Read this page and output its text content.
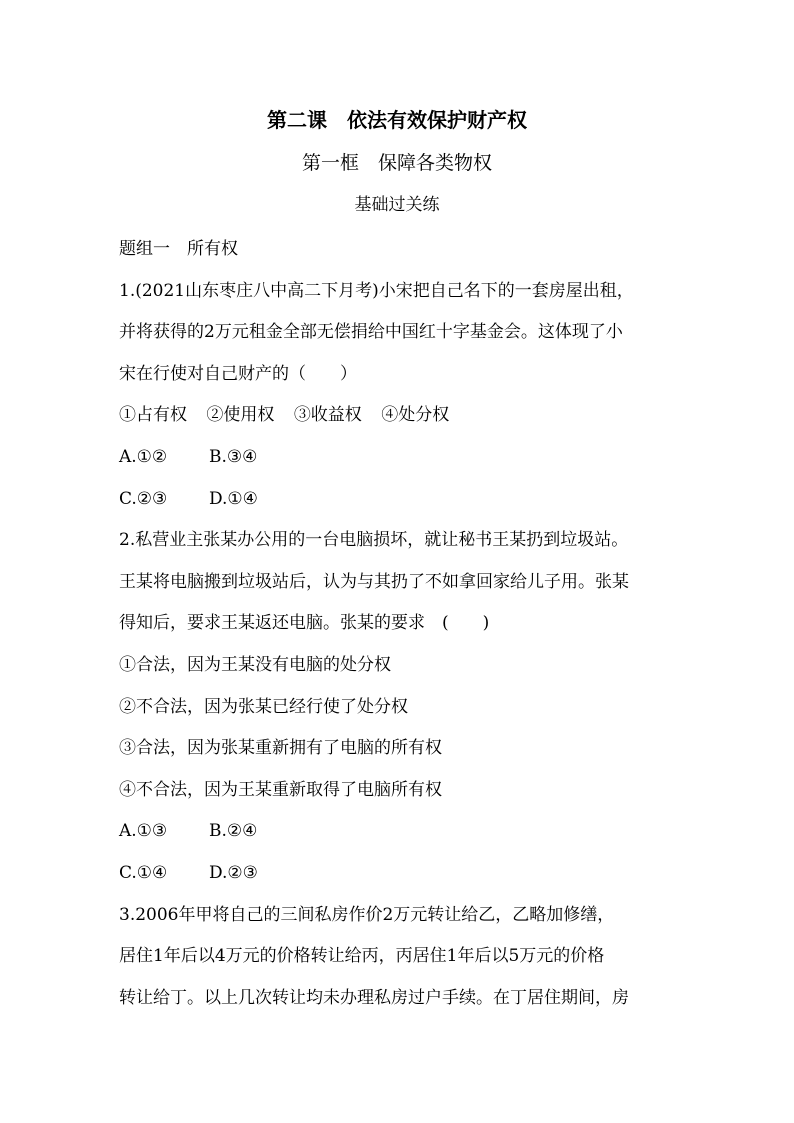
第二课　依法有效保护财产权
第一框　保障各类物权
基础过关练
题组一　所有权
1.(2021山东枣庄八中高二下月考)小宋把自己名下的一套房屋出租，
并将获得的2万元租金全部无偿捐给中国红十字基金会。这体现了小
宋在行使对自己财产的（　　）
①占有权 ②使用权 ③收益权 ④处分权
A.①② B.③④
C.②③ D.①④
2.私营业主张某办公用的一台电脑损坏，就让秘书王某扔到垃圾站。
王某将电脑搬到垃圾站后，认为与其扔了不如拿回家给儿子用。张某
得知后，要求王某返还电脑。张某的要求　(　　)
①合法，因为王某没有电脑的处分权
②不合法，因为张某已经行使了处分权
③合法，因为张某重新拥有了电脑的所有权
④不合法，因为王某重新取得了电脑所有权
A.①③ B.②④
C.①④ D.②③
3.2006年甲将自己的三间私房作价2万元转让给乙，乙略加修缮，
居住1年后以4万元的价格转让给丙，丙居住1年后以5万元的价格
转让给丁。以上几次转让均未办理私房过户手续。在丁居住期间，房
